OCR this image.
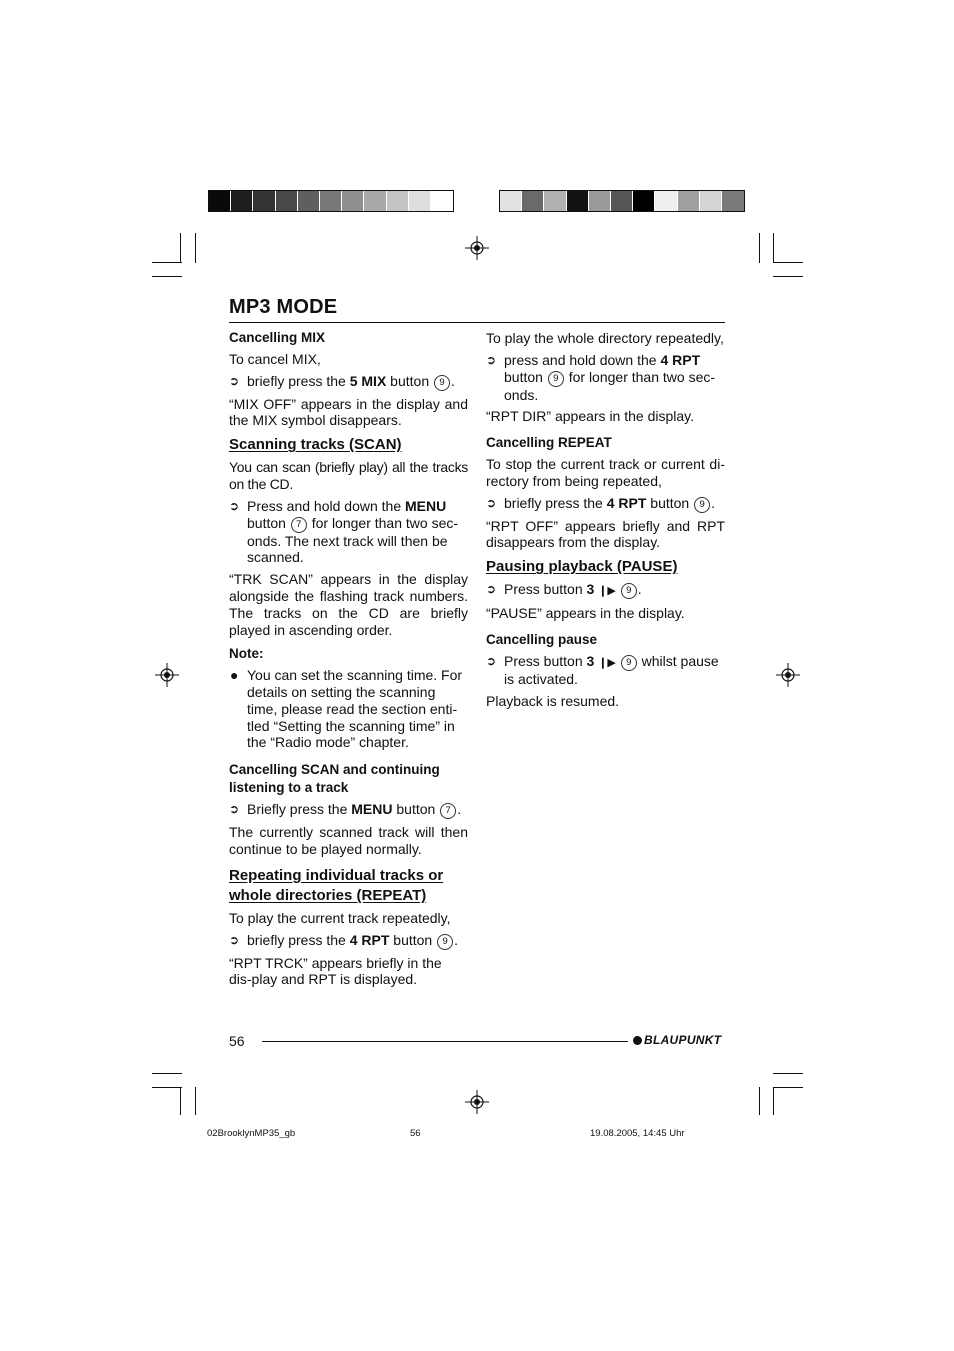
MP3 MODE
Cancelling MIX

To cancel MIX,

➲ briefly press the 5 MIX button 9 .

“MIX OFF” appears in the display and the MIX symbol disappears.

Scanning tracks (SCAN)

You can scan (briefly play) all the tracks on the CD.

➲ Press and hold down the MENU button 7 for longer than two sec-onds. The next track will then be scanned.

“TRK SCAN” appears in the display alongside the flashing track numbers. The tracks on the CD are briefly played in ascending order.

Note:
● You can set the scanning time. For details on setting the scanning time, please read the section enti-tled “Setting the scanning time” in the “Radio mode” chapter.
Cancelling SCAN and continuing listening to a track
➲ Briefly press the MENU button 7 .

The currently scanned track will then continue to be played normally.

Repeating individual tracks or whole directories (REPEAT)

To play the current track repeatedly,

➲ briefly press the 4 RPT button 9 .

“RPT TRCK” appears briefly in the dis-play and RPT is displayed.

To play the whole directory repeatedly,

➲ press and hold down the 4 RPT button 9 for longer than two sec-onds.

“RPT DIR” appears in the display.

Cancelling REPEAT

To stop the current track or current di-rectory from being repeated,

➲ briefly press the 4 RPT button 9 .

“RPT OFF” appears briefly and RPT disappears from the display.

Pausing playback (PAUSE)
➲ Press button 3 ❙▶ 9 .

“PAUSE” appears in the display.

Cancelling pause
➲ Press button 3 ❙▶ 9 whilst pause is activated.

Playback is resumed.

56	BLAUPUNKT
02BrooklynMP35_gb	56	19.08.2005, 14:45 Uhr
